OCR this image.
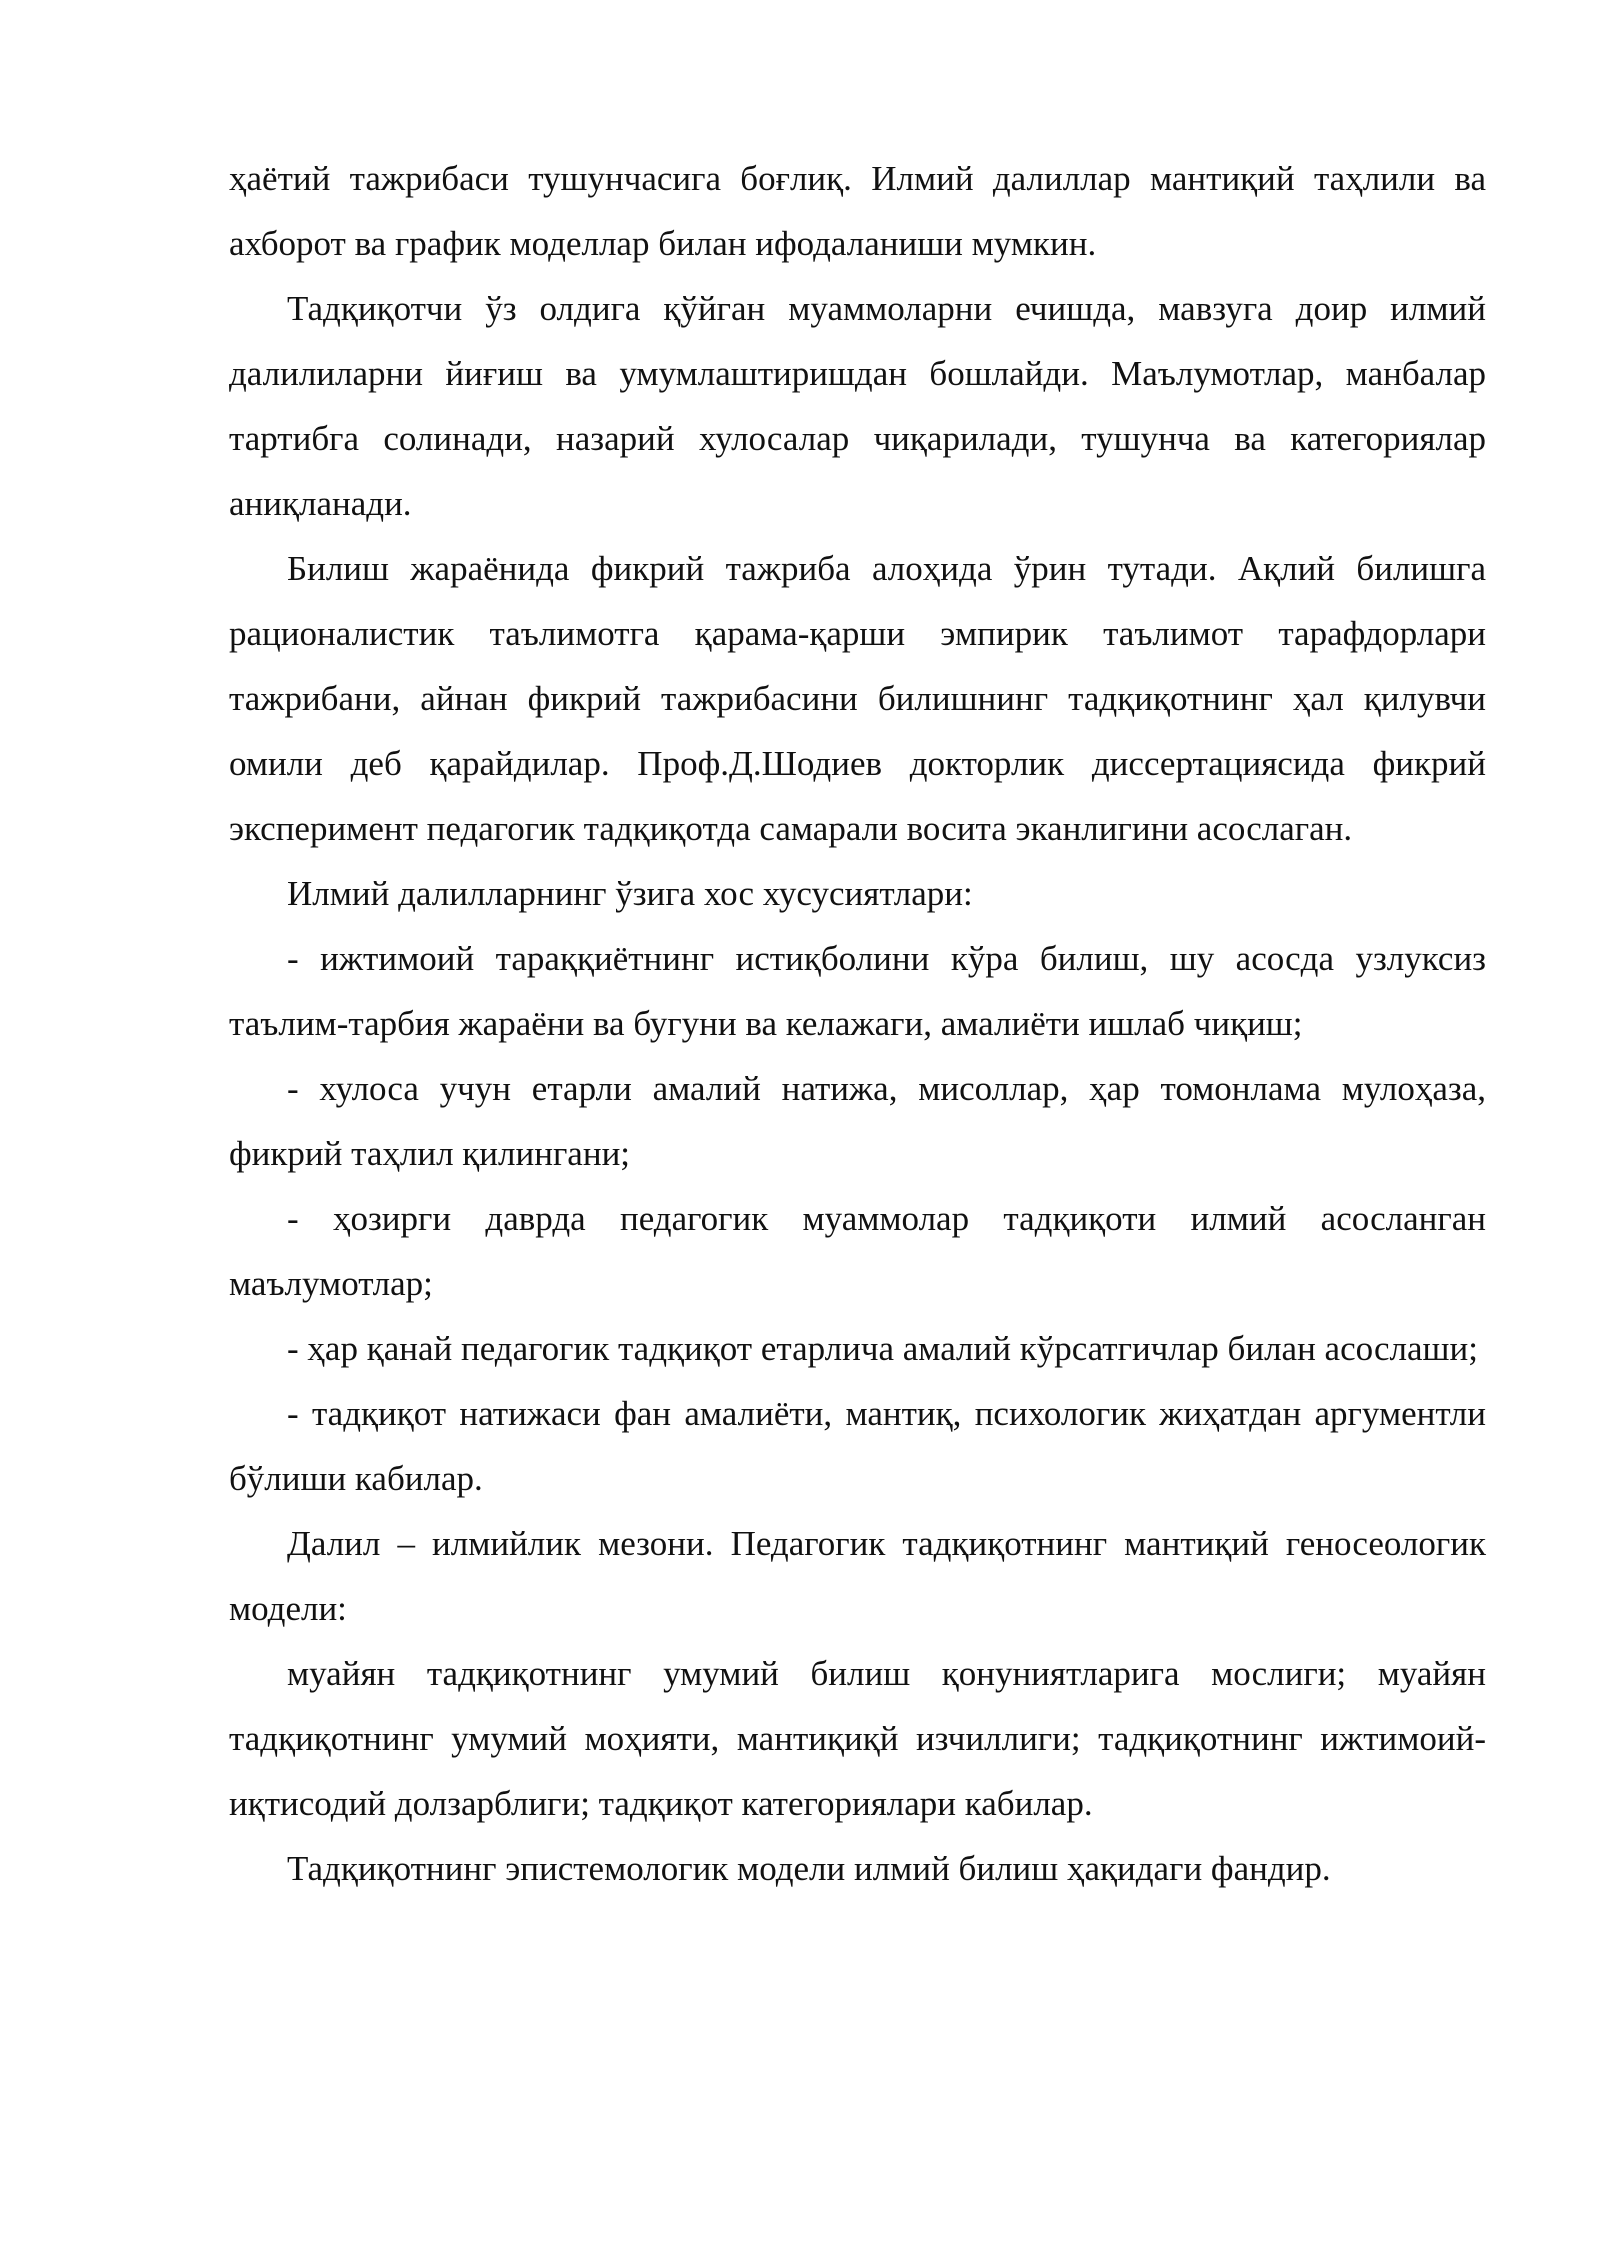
ҳаётий тажрибаси тушунчасига боғлиқ. Илмий далиллар мантиқий таҳлили ва ахборот ва график моделлар билан ифодаланиши мумкин.

Тадқиқотчи ўз олдига қўйган муаммоларни ечишда, мавзуга доир илмий далилиларни йиғиш ва умумлаштиришдан бошлайди. Маълумотлар, манбалар тартибга солинади, назарий хулосалар чиқарилади, тушунча ва категориялар аниқланади.

Билиш жараёнида фикрий тажриба алоҳида ўрин тутади. Ақлий билишга рационалистик таълимотга қарама-қарши эмпирик таълимот тарафдорлари тажрибани, айнан фикрий тажрибасини билишнинг тадқиқотнинг ҳал қилувчи омили деб қарайдилар. Проф.Д.Шодиев докторлик диссертациясида фикрий эксперимент педагогик тадқиқотда самарали восита эканлигини асослаган.

Илмий далилларнинг ўзига хос хусусиятлари:

- ижтимоий тараққиётнинг истиқболини кўра билиш, шу асосда узлуксиз таълим-тарбия жараёни ва бугуни ва келажаги, амалиёти ишлаб чиқиш;

- хулоса учун етарли амалий натижа, мисоллар, ҳар томонлама мулоҳаза, фикрий таҳлил қилингани;

- ҳозирги даврда педагогик муаммолар тадқиқоти илмий асосланган маълумотлар;

- ҳар қанай педагогик тадқиқот етарлича амалий кўрсатгичлар билан асослаши;

- тадқиқот натижаси фан амалиёти, мантиқ, психологик жиҳатдан аргументли бўлиши кабилар.

Далил – илмийлик мезони. Педагогик тадқиқотнинг мантиқий геносеологик модели:

муайян тадқиқотнинг умумий билиш қонуниятларига мослиги; муайян тадқиқотнинг умумий моҳияти, мантиқиқй изчиллиги; тадқиқотнинг ижтимоий-иқтисодий долзарблиги; тадқиқот категориялари кабилар.

Тадқиқотнинг эпистемологик модели илмий билиш ҳақидаги фандир.
